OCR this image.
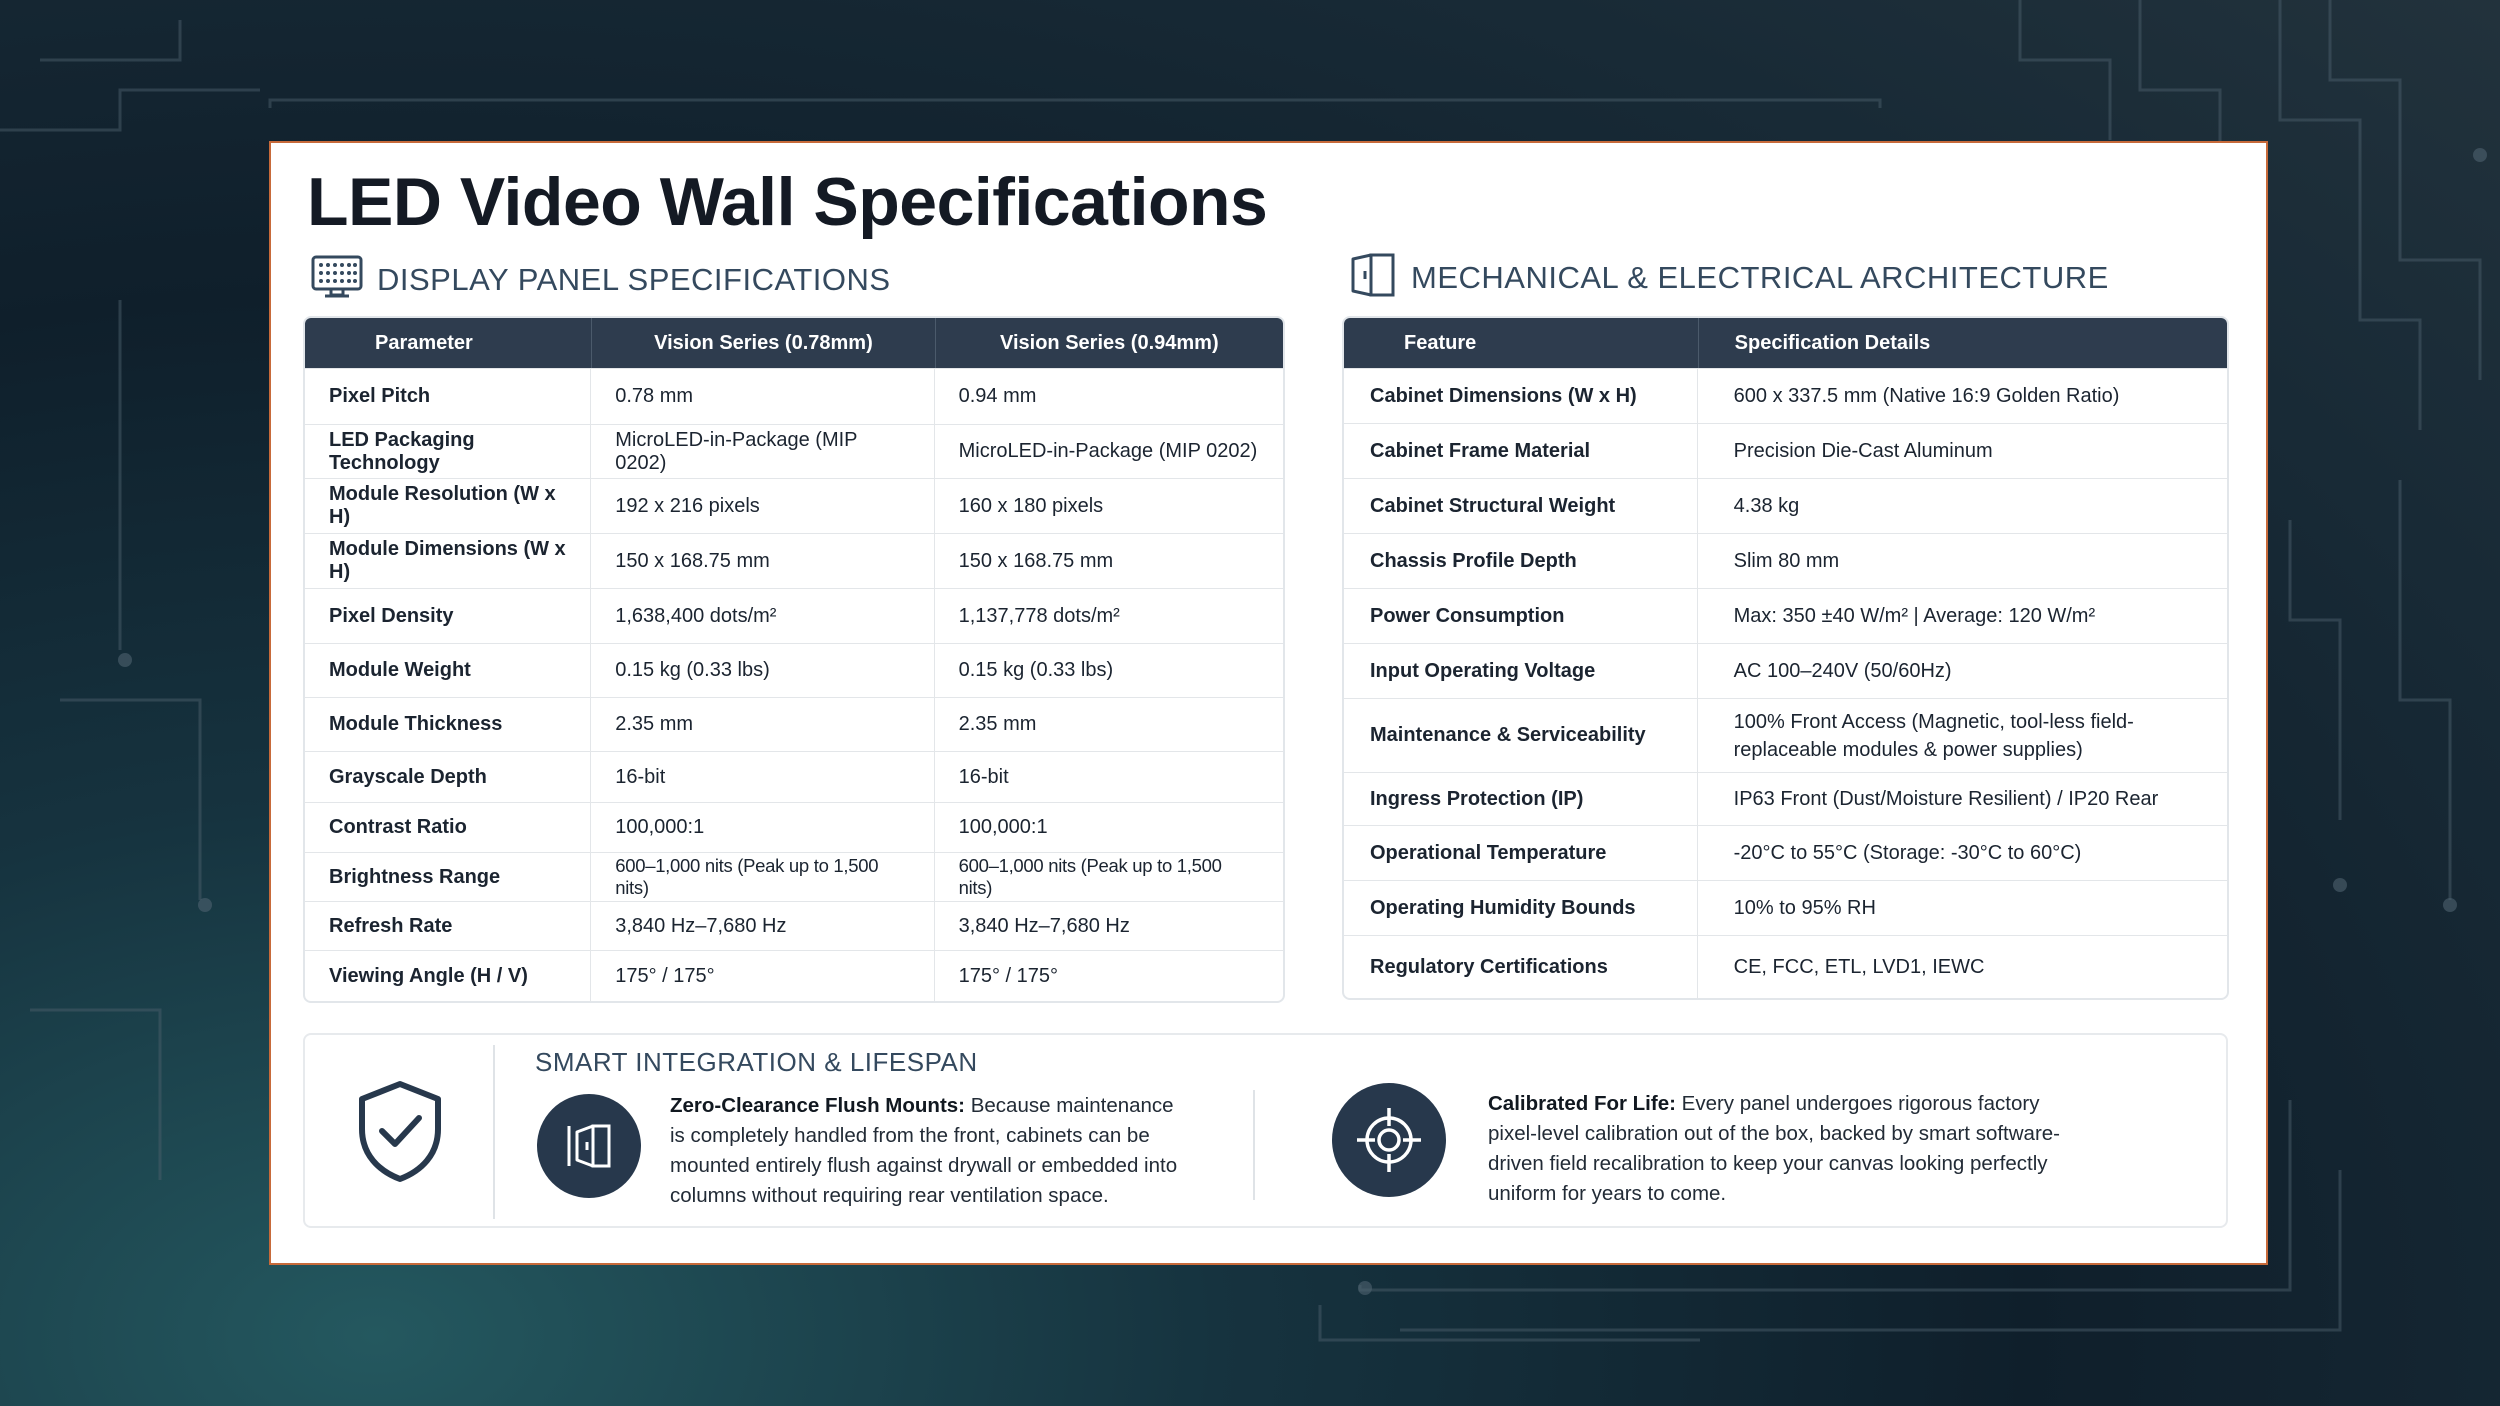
LED Video Wall Specifications
DISPLAY PANEL SPECIFICATIONS
Parameter	Vision Series (0.78mm)	Vision Series (0.94mm)
Pixel Pitch	0.78 mm	0.94 mm
LED Packaging Technology	MicroLED-in-Package (MIP 0202)	MicroLED-in-Package (MIP 0202)
Module Resolution (W x H)	192 x 216 pixels	160 x 180 pixels
Module Dimensions (W x H)	150 x 168.75 mm	150 x 168.75 mm
Pixel Density	1,638,400 dots/m²	1,137,778 dots/m²
Module Weight	0.15 kg (0.33 lbs)	0.15 kg (0.33 lbs)
Module Thickness	2.35 mm	2.35 mm
Grayscale Depth	16-bit	16-bit
Contrast Ratio	100,000:1	100,000:1
Brightness Range	600–1,000 nits (Peak up to 1,500 nits)	600–1,000 nits (Peak up to 1,500 nits)
Refresh Rate	3,840 Hz–7,680 Hz	3,840 Hz–7,680 Hz
Viewing Angle (H / V)	175° / 175°	175° / 175°
MECHANICAL & ELECTRICAL ARCHITECTURE
Feature	Specification Details
Cabinet Dimensions (W x H)	600 x 337.5 mm (Native 16:9 Golden Ratio)
Cabinet Frame Material	Precision Die-Cast Aluminum
Cabinet Structural Weight	4.38 kg
Chassis Profile Depth	Slim 80 mm
Power Consumption	Max: 350 ±40 W/m² | Average: 120 W/m²
Input Operating Voltage	AC 100–240V (50/60Hz)
Maintenance & Serviceability	100% Front Access (Magnetic, tool-less field-replaceable modules & power supplies)
Ingress Protection (IP)	IP63 Front (Dust/Moisture Resilient) / IP20 Rear
Operational Temperature	-20°C to 55°C (Storage: -30°C to 60°C)
Operating Humidity Bounds	10% to 95% RH
Regulatory Certifications	CE, FCC, ETL, LVD1, IEWC
SMART INTEGRATION & LIFESPAN
Zero-Clearance Flush Mounts: Because maintenance is completely handled from the front, cabinets can be mounted entirely flush against drywall or embedded into columns without requiring rear ventilation space.
Calibrated For Life: Every panel undergoes rigorous factory pixel-level calibration out of the box, backed by smart software-driven field recalibration to keep your canvas looking perfectly uniform for years to come.
